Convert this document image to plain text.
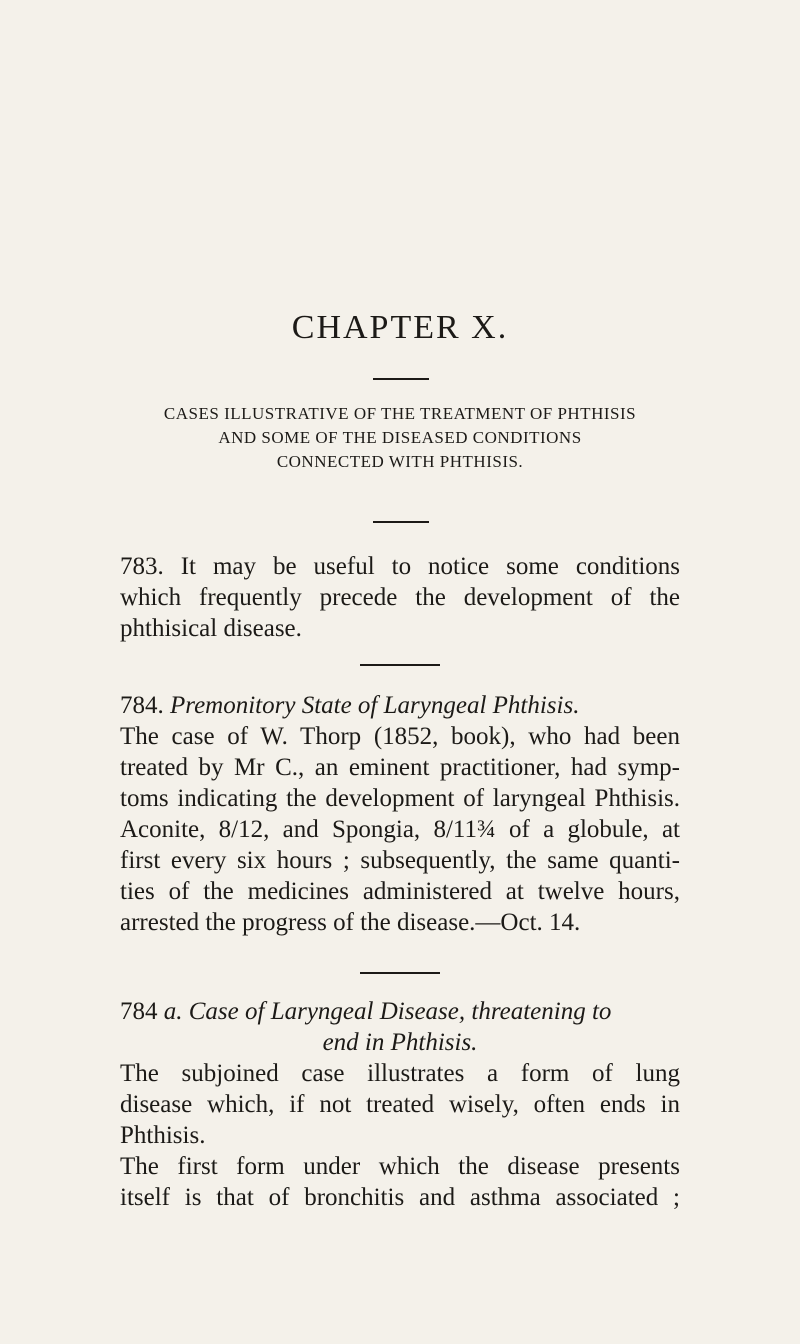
CHAPTER X.
CASES ILLUSTRATIVE OF THE TREATMENT OF PHTHISIS
AND SOME OF THE DISEASED CONDITIONS
CONNECTED WITH PHTHISIS.
783. It may be useful to notice some conditions
which frequently precede the development of the
phthisical disease.
784. Premonitory State of Laryngeal Phthisis.
The case of W. Thorp (1852, book), who had been
treated by Mr C., an eminent practitioner, had symp-
toms indicating the development of laryngeal Phthisis.
Aconite, 8/12, and Spongia, 8/11¾ of a globule, at
first every six hours ; subsequently, the same quanti-
ties of the medicines administered at twelve hours,
arrested the progress of the disease.—Oct. 14.
784 a. Case of Laryngeal Disease, threatening to
end in Phthisis.
The subjoined case illustrates a form of lung
disease which, if not treated wisely, often ends in
Phthisis.
The first form under which the disease presents
itself is that of bronchitis and asthma associated ;
